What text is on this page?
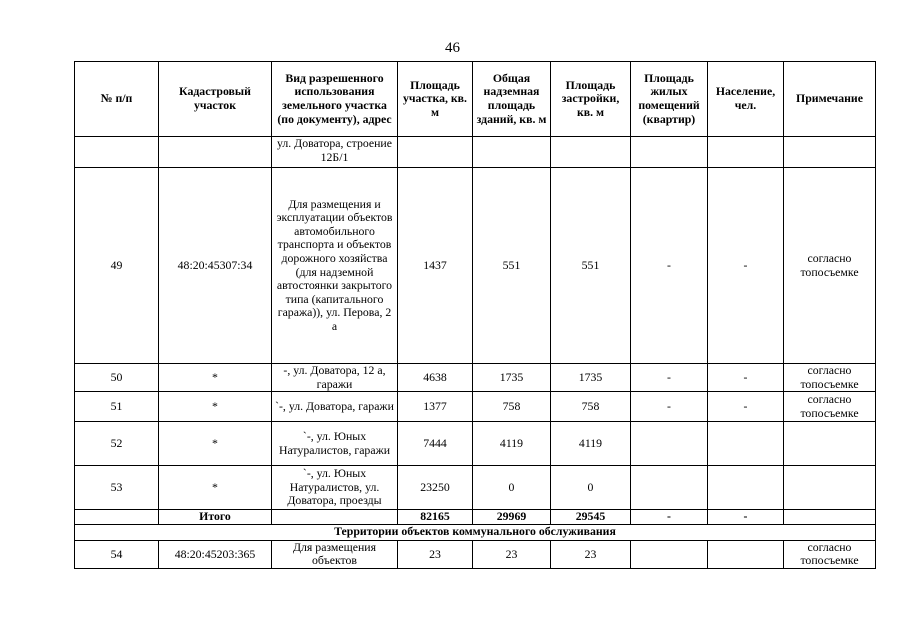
46
№ п/п	Кадастровый участок	Вид разрешенного использования земельного участка (по документу), адрес	Площадь участка, кв. м	Общая надземная площадь зданий, кв. м	Площадь застройки, кв. м	Площадь жилых помещений (квартир)	Население, чел.	Примечание
		ул. Доватора, строение 12Б/1						
49	48:20:45307:34	Для размещения и эксплуатации объектов автомобильного транспорта и объектов дорожного хозяйства (для надземной автостоянки закрытого типа (капитального гаража)), ул. Перова, 2 а	1437	551	551	-	-	согласно топосъемке
50	*	-, ул. Доватора, 12 а, гаражи	4638	1735	1735	-	-	согласно топосъемке
51	*	`-, ул. Доватора, гаражи	1377	758	758	-	-	согласно топосъемке
52	*	`-, ул. Юных Натуралистов, гаражи	7444	4119	4119			
53	*	`-, ул. Юных Натуралистов, ул. Доватора, проезды	23250	0	0			
	Итого		82165	29969	29545	-	-	
Территории объектов коммунального обслуживания								
54	48:20:45203:365	Для размещения объектов	23	23	23			согласно топосъемке
